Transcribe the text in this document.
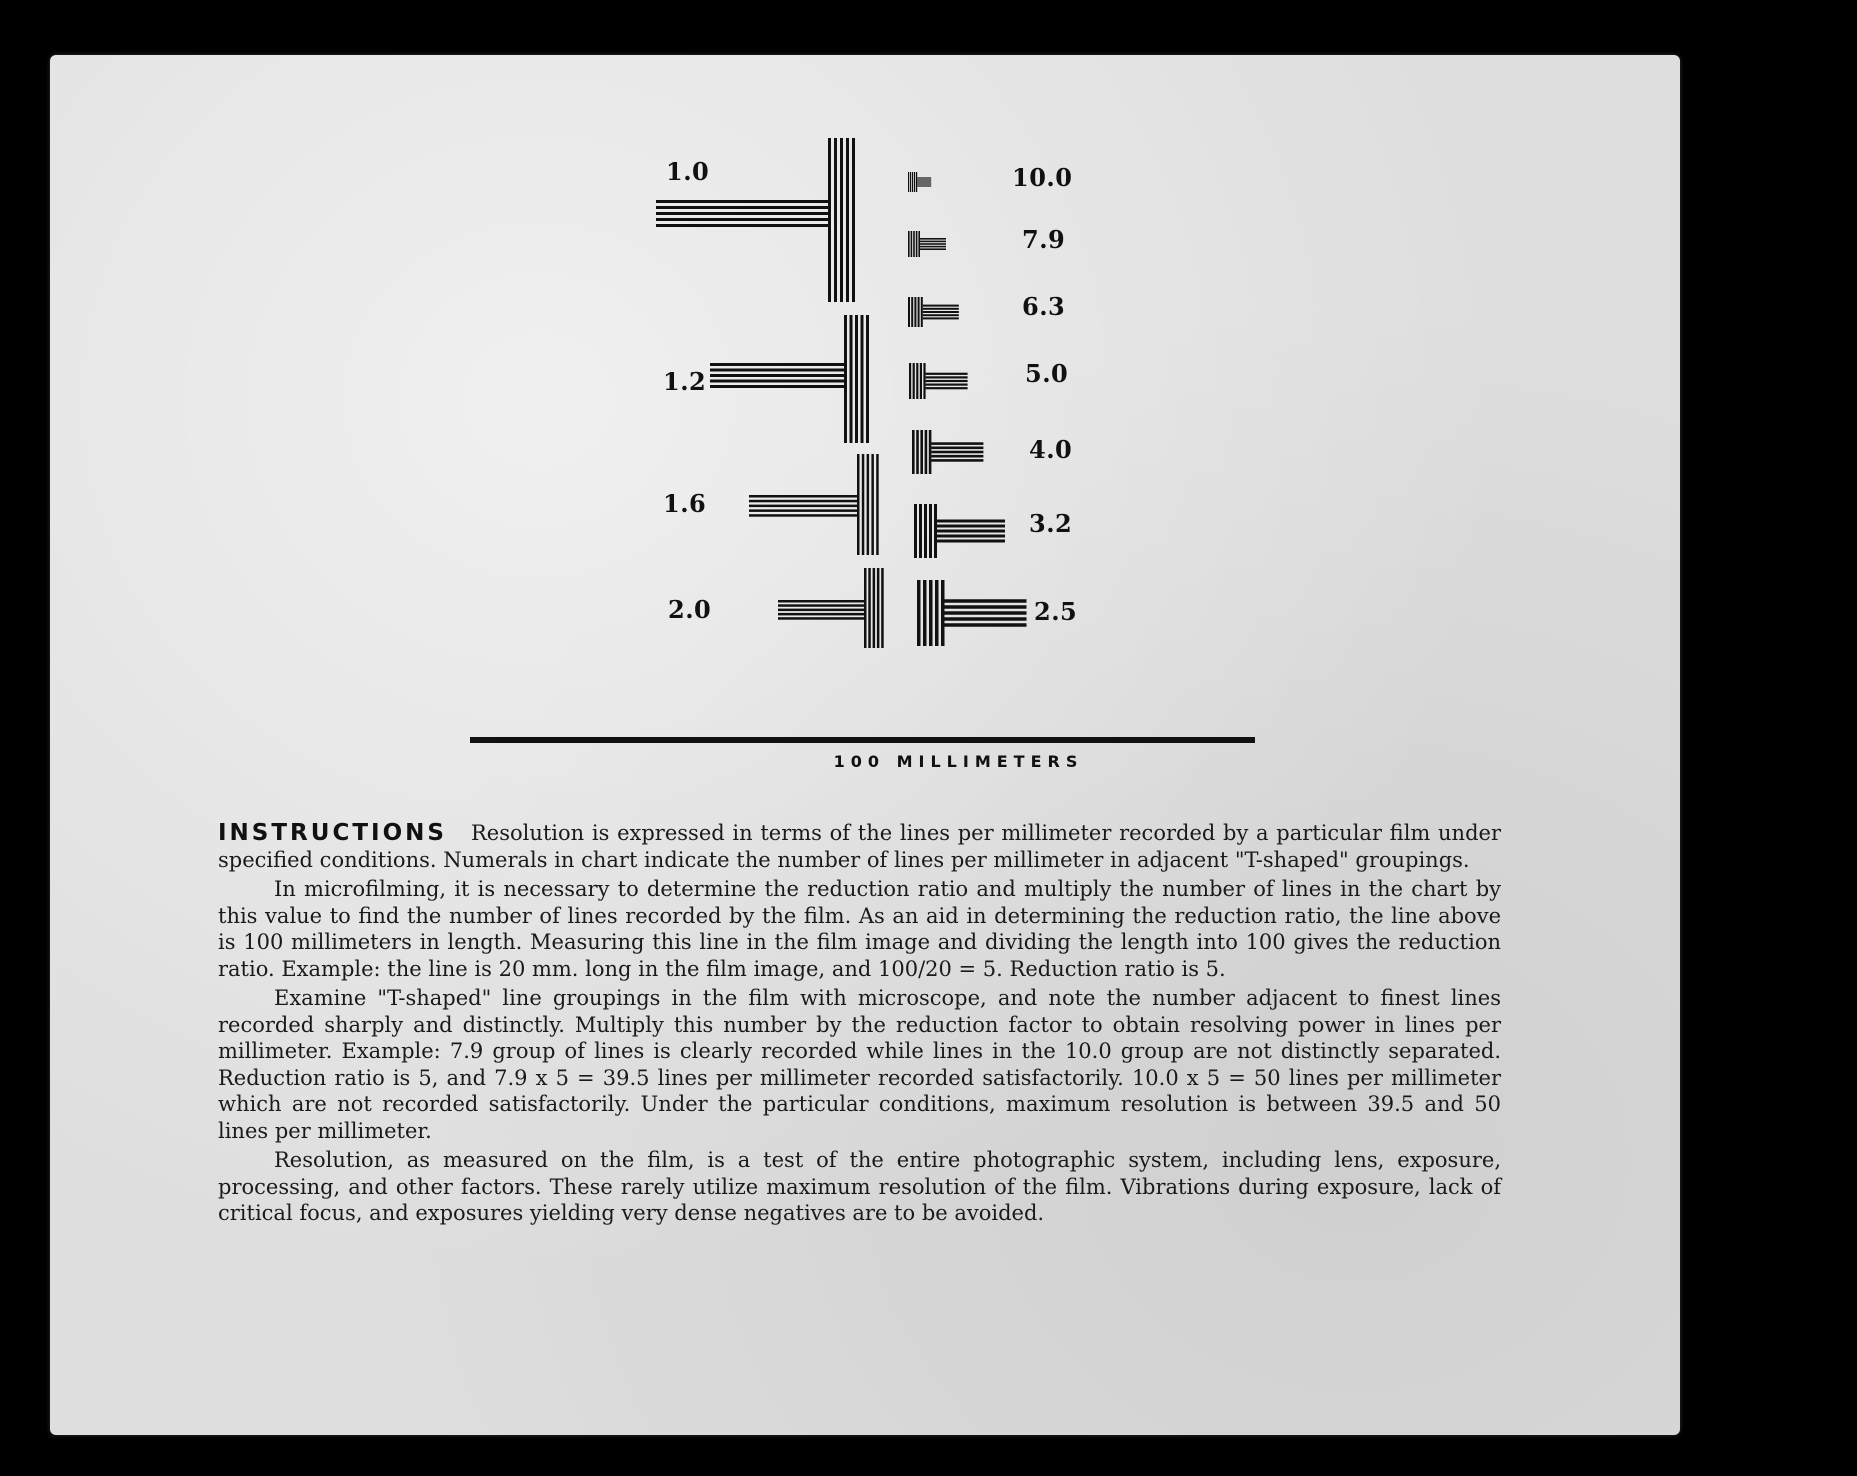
1.0
1.2
1.6
2.0
10.0
7.9
6.3
5.0
4.0
3.2
2.5
100 MILLIMETERS

INSTRUCTIONS Resolution is expressed in terms of the lines per millimeter recorded by a particular film under specified conditions. Numerals in chart indicate the number of lines per millimeter in adjacent "T-shaped" groupings.

In microfilming, it is necessary to determine the reduction ratio and multiply the number of lines in the chart by this value to find the number of lines recorded by the film. As an aid in determining the reduction ratio, the line above is 100 millimeters in length. Measuring this line in the film image and dividing the length into 100 gives the reduction ratio. Example: the line is 20 mm. long in the film image, and 100/20 = 5. Reduction ratio is 5.

Examine "T-shaped" line groupings in the film with microscope, and note the number adjacent to finest lines recorded sharply and distinctly. Multiply this number by the reduction factor to obtain resolving power in lines per millimeter. Example: 7.9 group of lines is clearly recorded while lines in the 10.0 group are not distinctly separated. Reduction ratio is 5, and 7.9 x 5 = 39.5 lines per millimeter recorded satisfactorily. 10.0 x 5 = 50 lines per millimeter which are not recorded satisfactorily. Under the particular conditions, maximum resolution is between 39.5 and 50 lines per millimeter.

Resolution, as measured on the film, is a test of the entire photographic system, including lens, exposure, processing, and other factors. These rarely utilize maximum resolution of the film. Vibrations during exposure, lack of critical focus, and exposures yielding very dense negatives are to be avoided.
